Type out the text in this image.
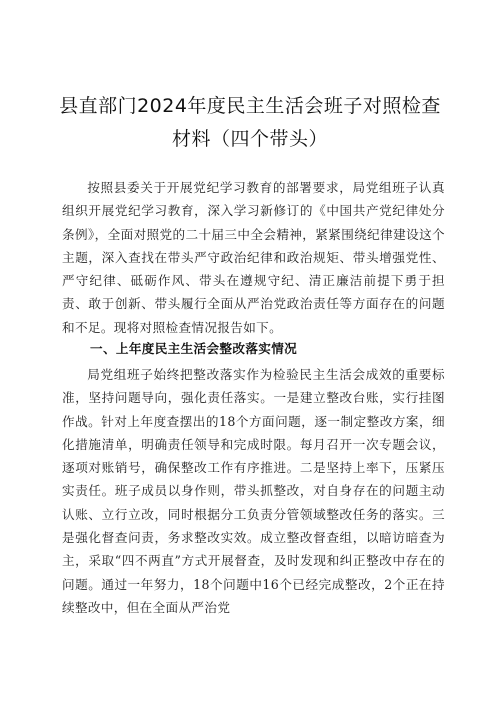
县直部门2024年度民主生活会班子对照检查
材料（四个带头）
按照县委关于开展党纪学习教育的部署要求，局党组班子认真组织开展党纪学习教育，深入学习新修订的《中国共产党纪律处分条例》，全面对照党的二十届三中全会精神，紧紧围绕纪律建设这个主题，深入查找在带头严守政治纪律和政治规矩、带头增强党性、严守纪律、砥砺作风、带头在遵规守纪、清正廉洁前提下勇于担责、敢于创新、带头履行全面从严治党政治责任等方面存在的问题和不足。现将对照检查情况报告如下。
一、上年度民主生活会整改落实情况
局党组班子始终把整改落实作为检验民主生活会成效的重要标准，坚持问题导向，强化责任落实。一是建立整改台账，实行挂图作战。针对上年度查摆出的18个方面问题，逐一制定整改方案，细化措施清单，明确责任领导和完成时限。每月召开一次专题会议，逐项对账销号，确保整改工作有序推进。二是坚持上率下，压紧压实责任。班子成员以身作则，带头抓整改，对自身存在的问题主动认账、立行立改，同时根据分工负责分管领域整改任务的落实。三是强化督查问责，务求整改实效。成立整改督查组，以暗访暗查为主，采取“四不两直”方式开展督查，及时发现和纠正整改中存在的问题。通过一年努力，18个问题中16个已经完成整改，2个正在持续整改中，但在全面从严治党
